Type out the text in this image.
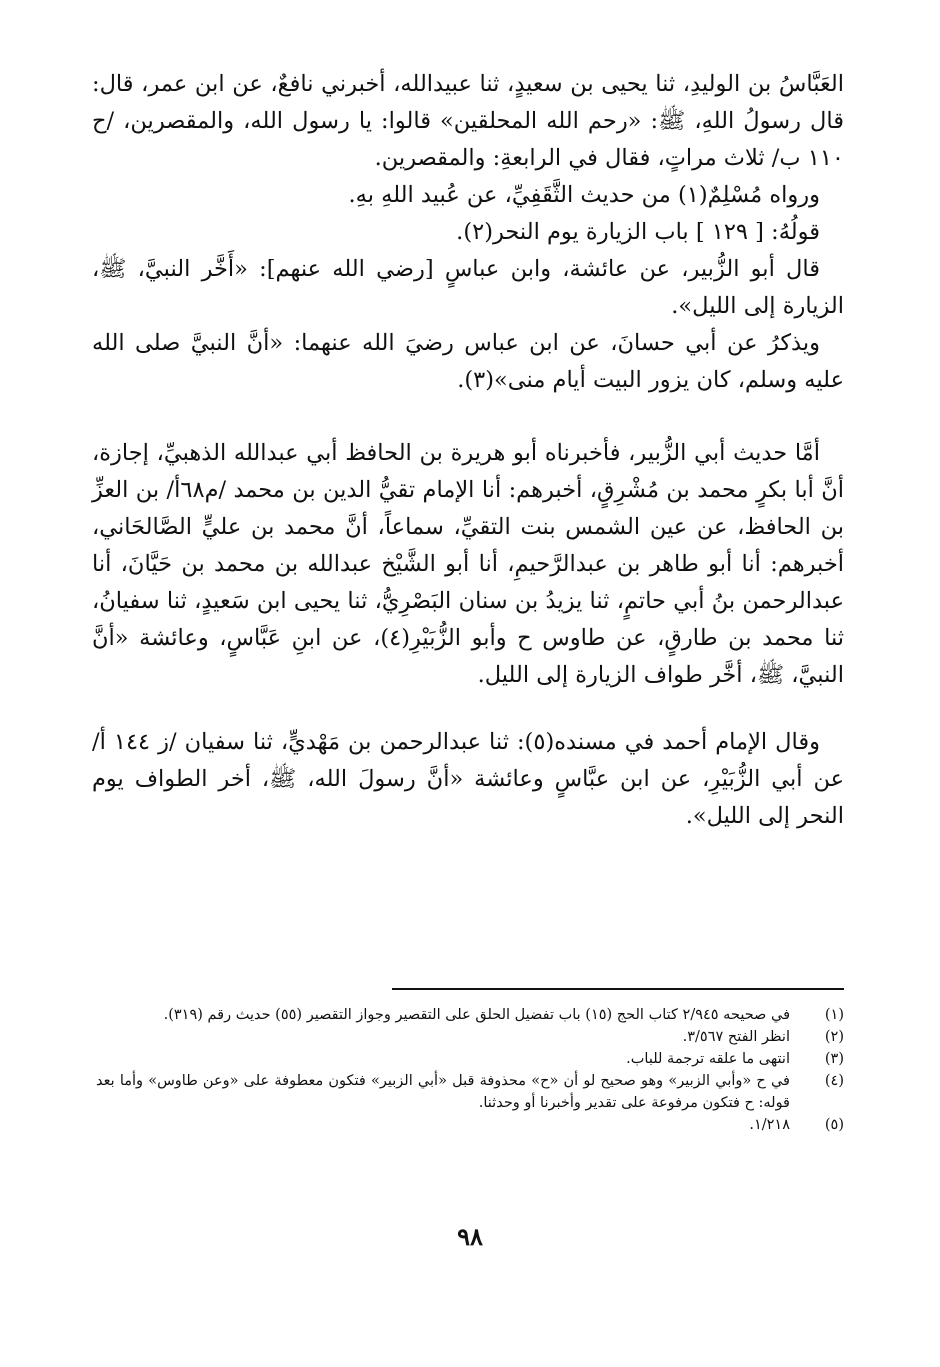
العَبَّاسُ بن الوليدِ، ثنا يحيى بن سعيدٍ، ثنا عبيدالله، أخبرني نافعٌ، عن ابن عمر، قال: قال رسولُ اللهِ، ﷺ: «رحم الله المحلقين» قالوا: يا رسول الله، والمقصرين، /ح ١١٠ ب/ ثلاث مراتٍ، فقال في الرابعةِ: والمقصرين.

ورواه مُسْلِمٌ(١) من حديث الثَّقَفِيِّ، عن عُبيد اللهِ بهِ.

قولُهُ: [ ١٢٩ ] باب الزيارة يوم النحر(٢).

قال أبو الزُّبير، عن عائشة، وابن عباسٍ [رضي الله عنهم]: «أَخَّر النبيَّ، ﷺ، الزيارة إلى الليل».

ويذكرُ عن أبي حسانَ، عن ابن عباس رضيَ الله عنهما: «أنَّ النبيَّ صلى الله عليه وسلم، كان يزور البيت أيام منى»(٣).

أمَّا حديث أبي الزُّبير، فأخبرناه أبو هريرة بن الحافظ أبي عبدالله الذهبيِّ، إجازة، أنَّ أبا بكرٍ محمد بن مُشْرِقٍ، أخبرهم: أنا الإمام تقيُّ الدين بن محمد /م٦٨أ/ بن العزِّ بن الحافظ، عن عين الشمس بنت التقيِّ، سماعاً، أنَّ محمد بن عليٍّ الصَّالحَاني، أخبرهم: أنا أبو طاهر بن عبدالرَّحيمِ، أنا أبو الشَّيْخ عبدالله بن محمد بن حَيَّانَ، أنا عبدالرحمن بنُ أبي حاتمٍ، ثنا يزيدُ بن سنان البَصْرِيُّ، ثنا يحيى ابن سَعيدٍ، ثنا سفيانُ، ثنا محمد بن طارقٍ، عن طاوس ح وأبو الزُّبَيْرِ(٤)، عن ابنِ عَبَّاسٍ، وعائشة «أنَّ النبيَّ، ﷺ، أخَّر طواف الزيارة إلى الليل.

وقال الإمام أحمد في مسنده(٥): ثنا عبدالرحمن بن مَهْديٍّ، ثنا سفيان /ز ١٤٤ أ/ عن أبي الزُّبَيْرِ، عن ابن عبَّاسٍ وعائشة «أنَّ رسولَ الله، ﷺ، أخر الطواف يوم النحر إلى الليل».

(١)
في صحيحه ٢/٩٤٥ كتاب الحج (١٥) باب تفضيل الحلق على التقصير وجواز التقصير (٥٥) حديث رقم (٣١٩).
(٢)
انظر الفتح ٣/٥٦٧.
(٣)
انتهى ما علقه ترجمة للباب.
(٤)
في ح «وأبي الزبير» وهو صحيح لو أن «ح» محذوفة قبل «أبي الزبير» فتكون معطوفة على «وعن طاوس» وأما بعد قوله: ح فتكون مرفوعة على تقدير وأخبرنا أو وحدثنا.
(٥)
١/٢١٨.
٩٨
